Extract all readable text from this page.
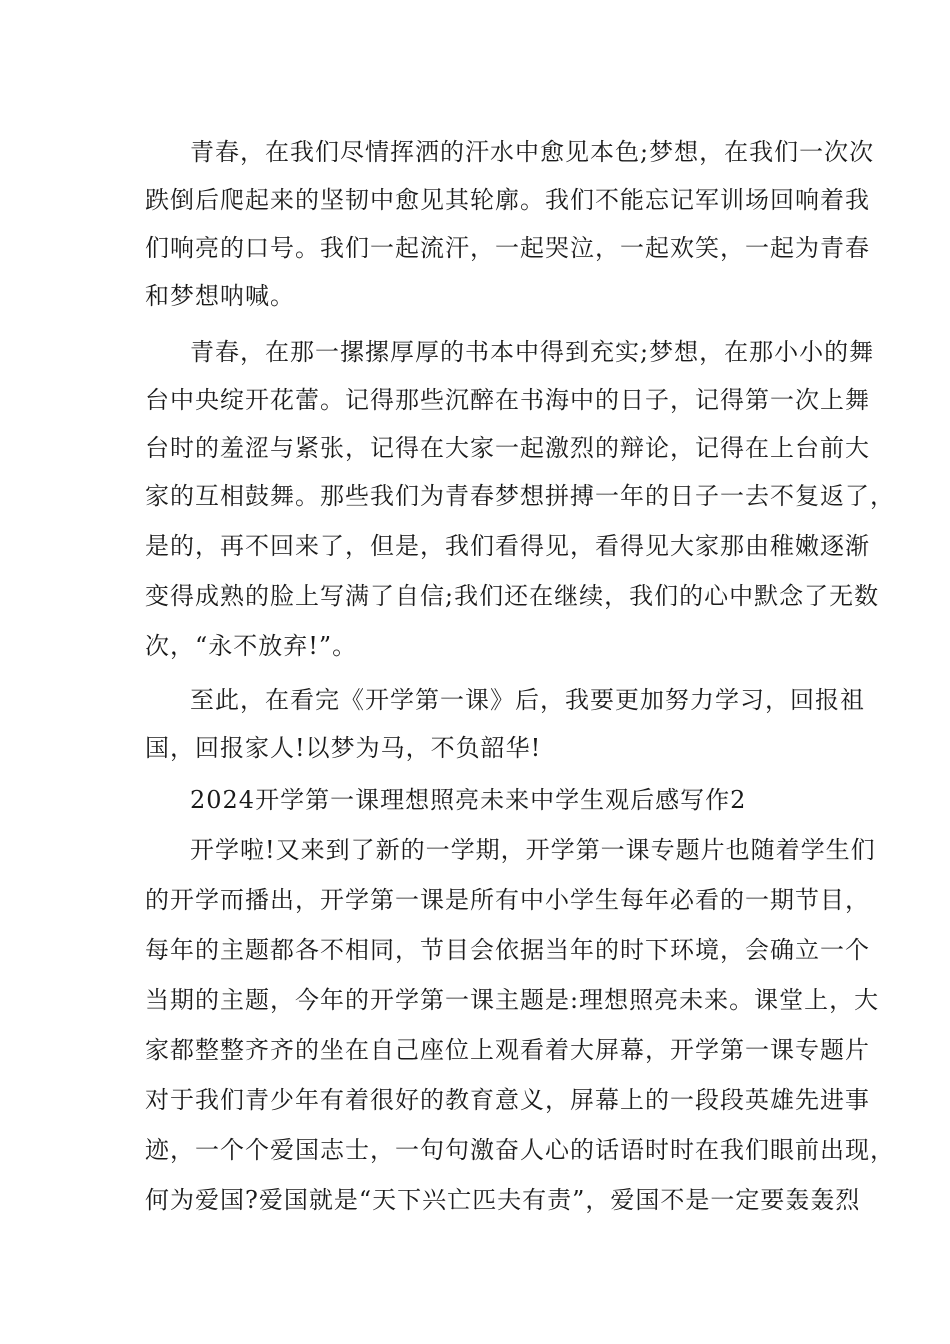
青春，在我们尽情挥洒的汗水中愈见本色;梦想，在我们一次次
跌倒后爬起来的坚韧中愈见其轮廓。我们不能忘记军训场回响着我
们响亮的口号。我们一起流汗，一起哭泣，一起欢笑，一起为青春
和梦想呐喊。
青春，在那一摞摞厚厚的书本中得到充实;梦想，在那小小的舞
台中央绽开花蕾。记得那些沉醉在书海中的日子，记得第一次上舞
台时的羞涩与紧张，记得在大家一起激烈的辩论，记得在上台前大
家的互相鼓舞。那些我们为青春梦想拼搏一年的日子一去不复返了，
是的，再不回来了，但是，我们看得见，看得见大家那由稚嫩逐渐
变得成熟的脸上写满了自信;我们还在继续，我们的心中默念了无数
次，“永不放弃!”。
至此，在看完《开学第一课》后，我要更加努力学习，回报祖
国，回报家人!以梦为马，不负韶华!
2024开学第一课理想照亮未来中学生观后感写作2
开学啦!又来到了新的一学期，开学第一课专题片也随着学生们
的开学而播出，开学第一课是所有中小学生每年必看的一期节目，
每年的主题都各不相同，节目会依据当年的时下环境，会确立一个
当期的主题，今年的开学第一课主题是:理想照亮未来。课堂上，大
家都整整齐齐的坐在自己座位上观看着大屏幕，开学第一课专题片
对于我们青少年有着很好的教育意义，屏幕上的一段段英雄先进事
迹，一个个爱国志士，一句句激奋人心的话语时时在我们眼前出现，
何为爱国?爱国就是“天下兴亡匹夫有责”，爱国不是一定要轰轰烈
